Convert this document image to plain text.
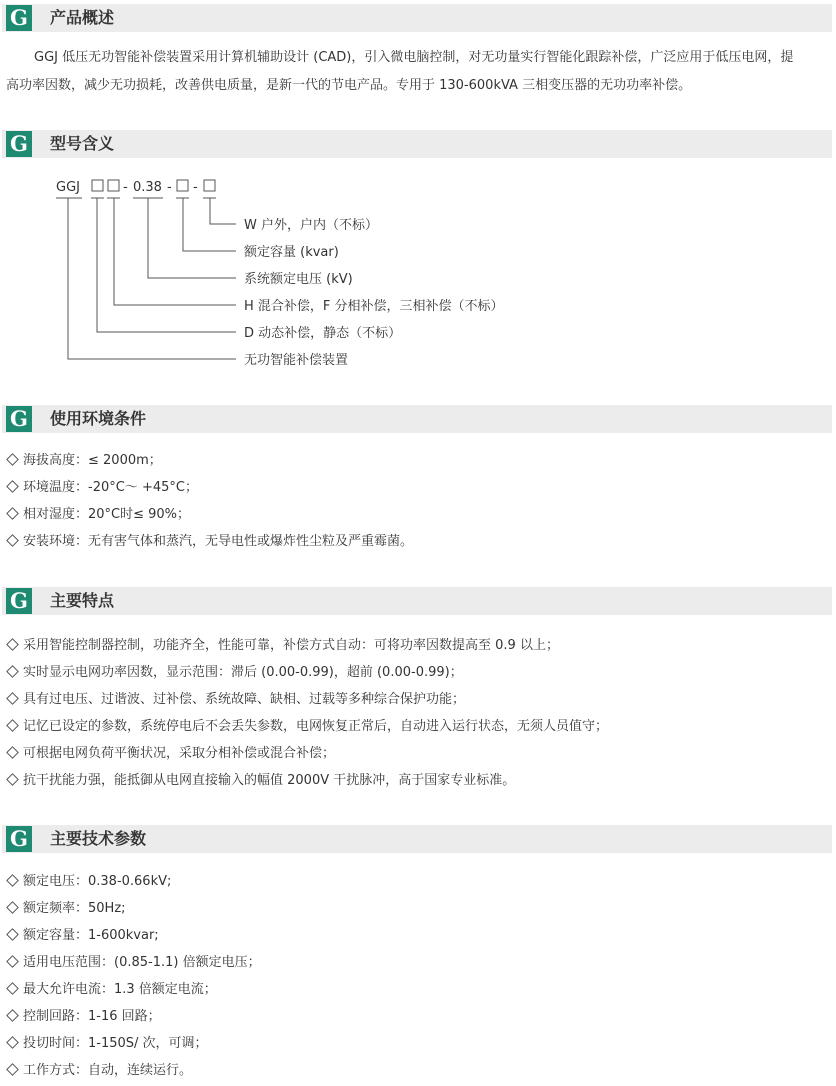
G 产品概述
GGJ 低压无功智能补偿装置采用计算机辅助设计 (CAD)，引入微电脑控制，对无功量实行智能化跟踪补偿，广泛应用于低压电网，提
高功率因数，减少无功损耗，改善供电质量，是新一代的节电产品。专用于 130-600kVA 三相变压器的无功功率补偿。
G 型号含义
GGJ	- 0.38 - -
W 户外，户内（不标）
额定容量 (kvar)
系统额定电压 (kV)
H 混合补偿，F 分相补偿，三相补偿（不标）
D 动态补偿，静态（不标）
无功智能补偿装置
G 使用环境条件
海拔高度：≤ 2000m；
环境温度：-20°C～ +45°C；
相对湿度：20°C时≤ 90%；
安装环境：无有害气体和蒸汽，无导电性或爆炸性尘粒及严重霉菌。
G 主要特点
采用智能控制器控制，功能齐全，性能可靠，补偿方式自动：可将功率因数提高至 0.9 以上；
实时显示电网功率因数，显示范围：滞后 (0.00-0.99)，超前 (0.00-0.99)；
具有过电压、过谐波、过补偿、系统故障、缺相、过载等多种综合保护功能；
记忆已设定的参数，系统停电后不会丢失参数，电网恢复正常后，自动进入运行状态，无须人员值守；
可根据电网负荷平衡状况，采取分相补偿或混合补偿；
抗干扰能力强，能抵御从电网直接输入的幅值 2000V 干扰脉冲，高于国家专业标准。
G 主要技术参数
额定电压：0.38-0.66kV;
额定频率：50Hz;
额定容量：1-600kvar;
适用电压范围：(0.85-1.1) 倍额定电压；
最大允许电流：1.3 倍额定电流；
控制回路：1-16 回路；
投切时间：1-150S/ 次，可调；
工作方式：自动，连续运行。
